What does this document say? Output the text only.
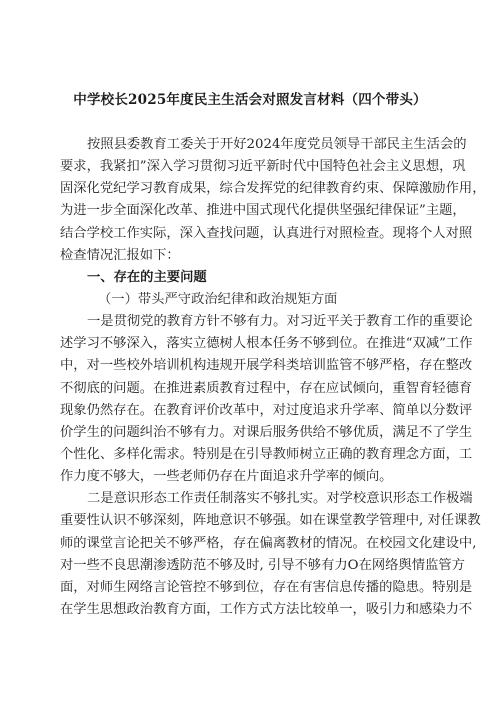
中学校长2025年度民主生活会对照发言材料（四个带头）
按照县委教育工委关于开好2024年度党员领导干部民主生活会的
要求，我紧扣”深入学习贯彻习近平新时代中国特色社会主义思想，巩
固深化党纪学习教育成果，综合发挥党的纪律教育约束、保障激励作用，
为进一步全面深化改革、推进中国式现代化提供坚强纪律保证”主题，
结合学校工作实际，深入查找问题，认真进行对照检查。现将个人对照
检查情况汇报如下：
一、存在的主要问题
（一）带头严守政治纪律和政治规矩方面
一是贯彻党的教育方针不够有力。对习近平关于教育工作的重要论
述学习不够深入，落实立德树人根本任务不够到位。在推进“双减”工作
中，对一些校外培训机构违规开展学科类培训监管不够严格，存在整改
不彻底的问题。在推进素质教育过程中，存在应试倾向，重智育轻德育
现象仍然存在。在教育评价改革中，对过度追求升学率、简单以分数评
价学生的问题纠治不够有力。对课后服务供给不够优质，满足不了学生
个性化、多样化需求。特别是在引导教师树立正确的教育理念方面，工
作力度不够大，一些老师仍存在片面追求升学率的倾向。
二是意识形态工作责任制落实不够扎实。对学校意识形态工作极端
重要性认识不够深刻，阵地意识不够强。如在课堂教学管理中, 对任课教
师的课堂言论把关不够严格，存在偏离教材的情况。在校园文化建设中,
对一些不良思潮渗透防范不够及时, 引导不够有力O在网络舆情监管方
面，对师生网络言论管控不够到位，存在有害信息传播的隐患。特别是
在学生思想政治教育方面，工作方式方法比较单一，吸引力和感染力不
